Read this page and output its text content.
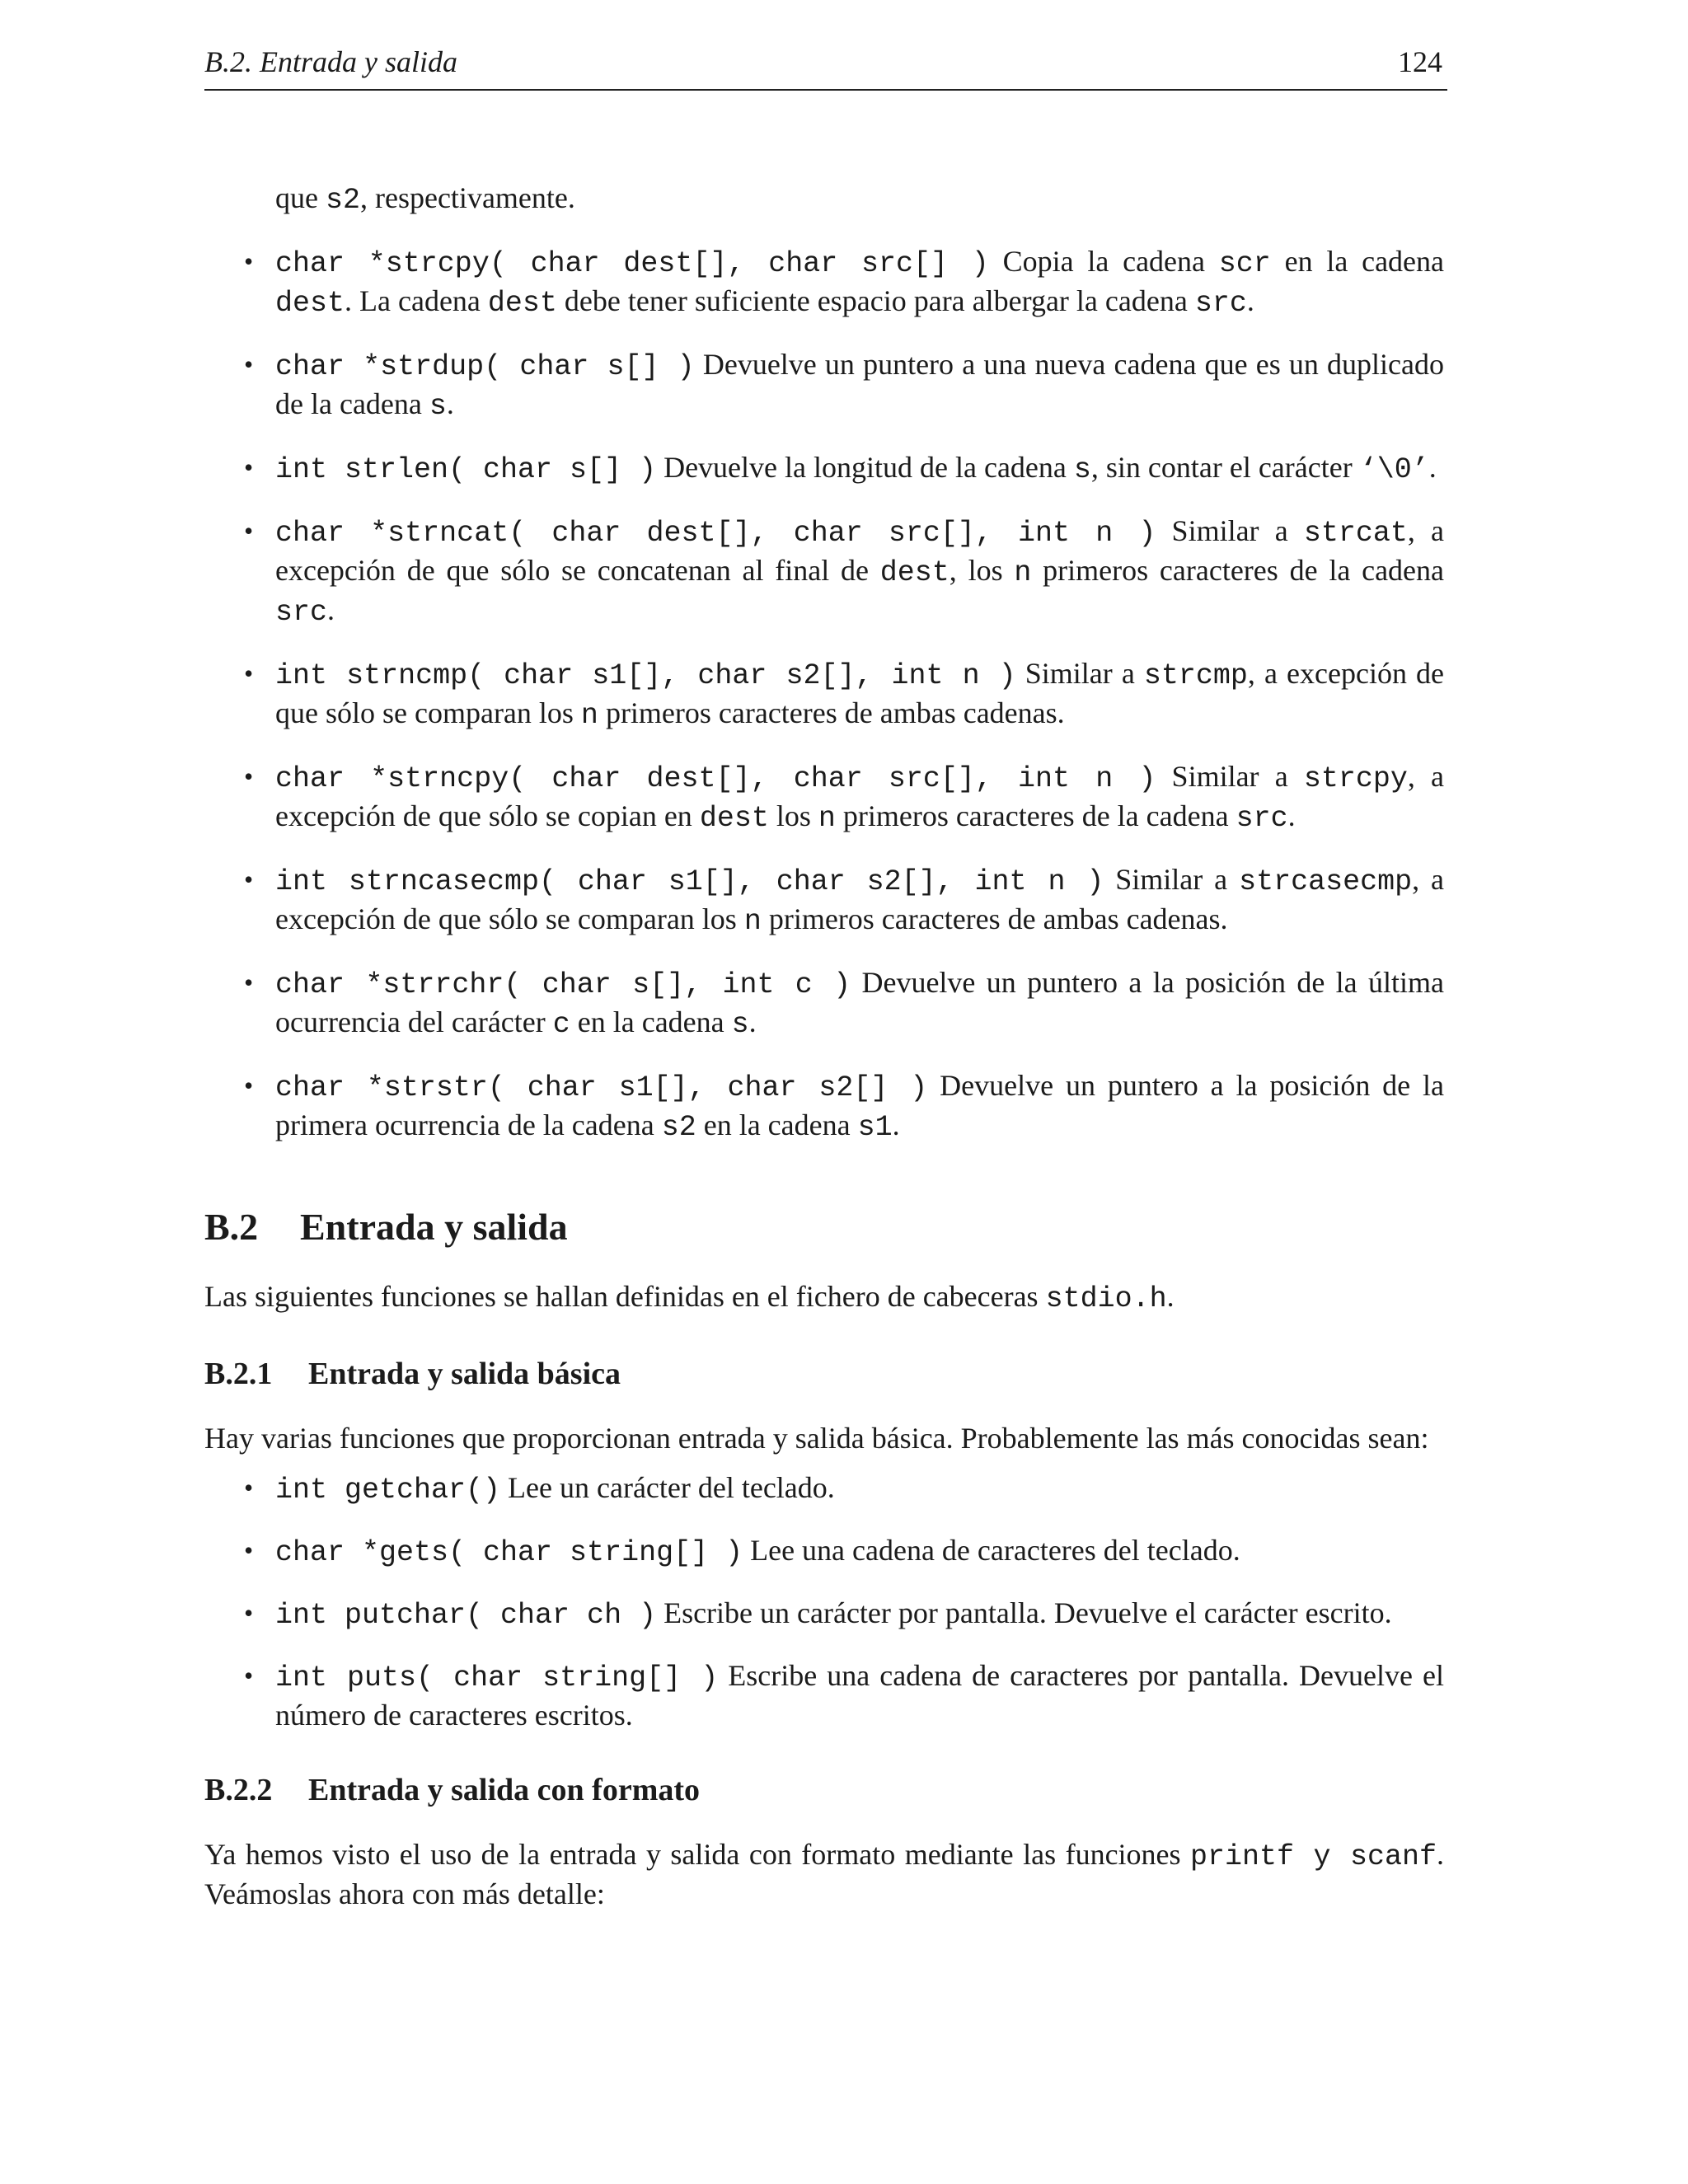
B.2. Entrada y salida	124

que s2, respectivamente.

• char *strcpy( char dest[], char src[] ) Copia la cadena scr en la cadena dest. La cadena dest debe tener suficiente espacio para albergar la cadena src.
• char *strdup( char s[] ) Devuelve un puntero a una nueva cadena que es un duplicado de la cadena s.
• int strlen( char s[] ) Devuelve la longitud de la cadena s, sin contar el carácter ‘\0’.
• char *strncat( char dest[], char src[], int n ) Similar a strcat, a excepción de que sólo se concatenan al final de dest, los n primeros caracteres de la cadena src.
• int strncmp( char s1[], char s2[], int n ) Similar a strcmp, a excepción de que sólo se comparan los n primeros caracteres de ambas cadenas.
• char *strncpy( char dest[], char src[], int n ) Similar a strcpy, a excepción de que sólo se copian en dest los n primeros caracteres de la cadena src.
• int strncasecmp( char s1[], char s2[], int n ) Similar a strcasecmp, a excepción de que sólo se comparan los n primeros caracteres de ambas cadenas.
• char *strrchr( char s[], int c ) Devuelve un puntero a la posición de la última ocurrencia del carácter c en la cadena s.
• char *strstr( char s1[], char s2[] ) Devuelve un puntero a la posición de la primera ocurrencia de la cadena s2 en la cadena s1.
B.2 Entrada y salida

Las siguientes funciones se hallan definidas en el fichero de cabeceras stdio.h.

B.2.1 Entrada y salida básica

Hay varias funciones que proporcionan entrada y salida básica. Probablemente las más conocidas sean:

• int getchar() Lee un carácter del teclado.
• char *gets( char string[] ) Lee una cadena de caracteres del teclado.
• int putchar( char ch ) Escribe un carácter por pantalla. Devuelve el carácter escrito.
• int puts( char string[] ) Escribe una cadena de caracteres por pantalla. Devuelve el número de caracteres escritos.
B.2.2 Entrada y salida con formato

Ya hemos visto el uso de la entrada y salida con formato mediante las funciones printf y scanf. Veámoslas ahora con más detalle:
